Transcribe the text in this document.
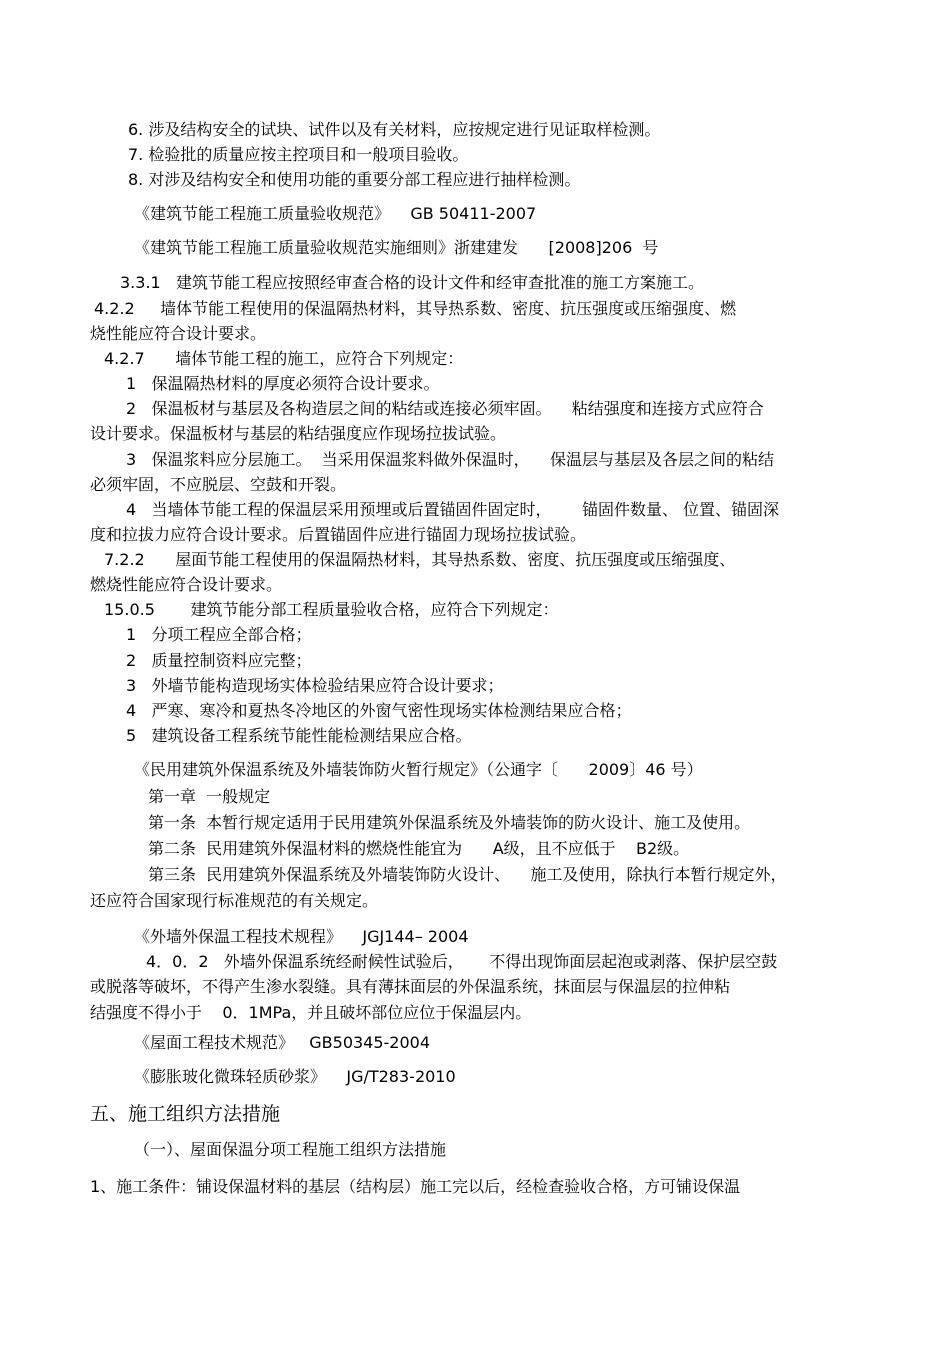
6. 涉及结构安全的试块、试件以及有关材料，应按规定进行见证取样检测。
7. 检验批的质量应按主控项目和一般项目验收。
8. 对涉及结构安全和使用功能的重要分部工程应进行抽样检测。
《建筑节能工程施工质量验收规范》    GB 50411-2007
《建筑节能工程施工质量验收规范实施细则》浙建建发      [2008]206  号
3.3.1   建筑节能工程应按照经审查合格的设计文件和经审查批准的施工方案施工。
4.2.2     墙体节能工程使用的保温隔热材料，其导热系数、密度、抗压强度或压缩强度、燃
烧性能应符合设计要求。
4.2.7      墙体节能工程的施工，应符合下列规定：
1   保温隔热材料的厚度必须符合设计要求。
2   保温板材与基层及各构造层之间的粘结或连接必须牢固。    粘结强度和连接方式应符合
设计要求。保温板材与基层的粘结强度应作现场拉拔试验。
3   保温浆料应分层施工。  当采用保温浆料做外保温时，    保温层与基层及各层之间的粘结
必须牢固，不应脱层、空鼓和开裂。
4   当墙体节能工程的保温层采用预埋或后置锚固件固定时，      锚固件数量、 位置、锚固深
度和拉拔力应符合设计要求。后置锚固件应进行锚固力现场拉拔试验。
7.2.2      屋面节能工程使用的保温隔热材料，其导热系数、密度、抗压强度或压缩强度、
燃烧性能应符合设计要求。
15.0.5       建筑节能分部工程质量验收合格，应符合下列规定：
1   分项工程应全部合格；
2   质量控制资料应完整；
3   外墙节能构造现场实体检验结果应符合设计要求；
4   严寒、寒冷和夏热冬冷地区的外窗气密性现场实体检测结果应合格；
5   建筑设备工程系统节能性能检测结果应合格。
《民用建筑外保温系统及外墙装饰防火暂行规定》（公通字〔      2009〕46 号）
第一章  一般规定
第一条  本暂行规定适用于民用建筑外保温系统及外墙装饰的防火设计、施工及使用。
第二条  民用建筑外保温材料的燃烧性能宜为      A级，且不应低于    B2级。
第三条  民用建筑外保温系统及外墙装饰防火设计、    施工及使用，除执行本暂行规定外，
还应符合国家现行标准规范的有关规定。
《外墙外保温工程技术规程》    JGJ144– 2004
4．0．2   外墙外保温系统经耐候性试验后，     不得出现饰面层起泡或剥落、保护层空鼓
或脱落等破坏，不得产生渗水裂缝。具有薄抹面层的外保温系统，抹面层与保温层的拉伸粘
结强度不得小于    0．1MPa，并且破坏部位应位于保温层内。
《屋面工程技术规范》   GB50345-2004
《膨胀玻化微珠轻质砂浆》    JG/T283-2010
五、施工组织方法措施
（一）、屋面保温分项工程施工组织方法措施
1、施工条件：铺设保温材料的基层（结构层）施工完以后，经检查验收合格，方可铺设保温
